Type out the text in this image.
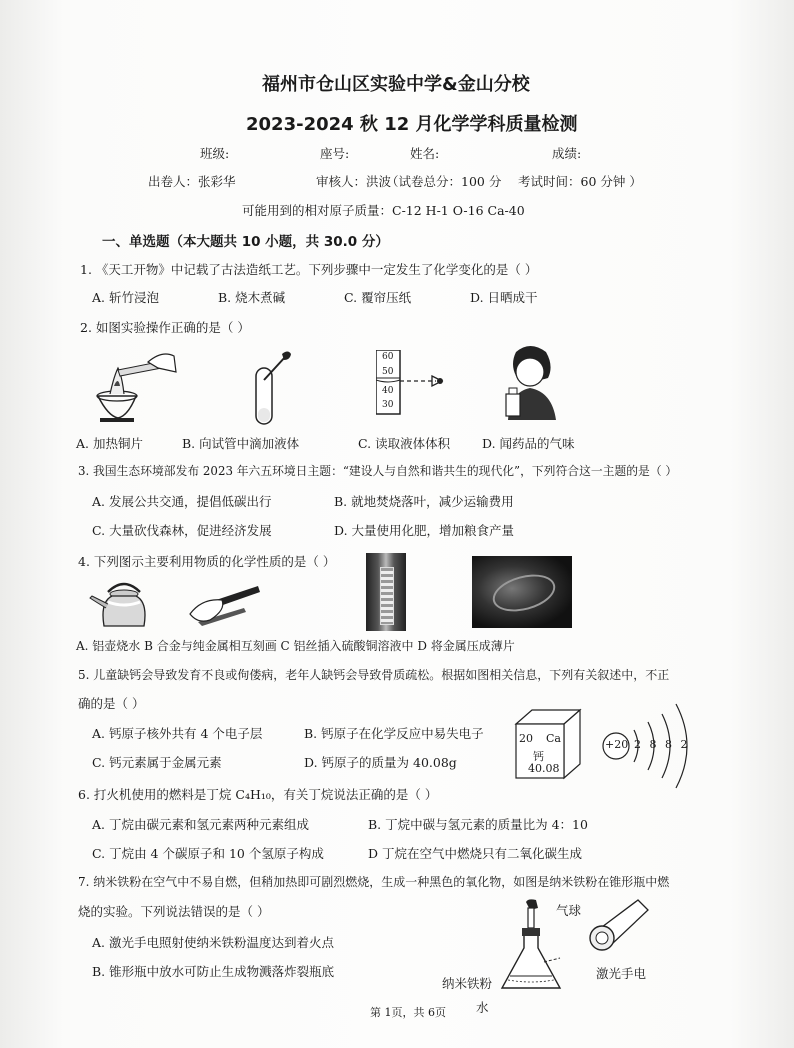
福州市仓山区实验中学&金山分校
2023-2024 秋 12 月化学学科质量检测
班级:	座号:	姓名:	成绩:
出卷人：张彩华	审核人：洪波
（试卷总分：100 分 考试时间：60 分钟 ）
可能用到的相对原子质量：C-12 H-1 O-16 Ca-40
一、单选题（本大题共 10 小题，共 30.0 分）
1. 《天工开物》中记载了古法造纸工艺。下列步骤中一定发生了化学变化的是（ ）
A. 斩竹浸泡	B. 烧木煮碱	C. 覆帘压纸	D. 日晒成干
2. 如图实验操作正确的是（ ）
60
50
40
30
A. 加热铜片	B. 向试管中滴加液体	C. 读取液体体积	D. 闻药品的气味
3. 我国生态环境部发布 2023 年六五环境日主题：“建设人与自然和谐共生的现代化”，下列符合这一主题的是（ ）
A. 发展公共交通，提倡低碳出行	B. 就地焚烧落叶，减少运输费用
C. 大量砍伐森林，促进经济发展	D. 大量使用化肥，增加粮食产量
4. 下列图示主要利用物质的化学性质的是（ ）
A. 铝壶烧水 B 合金与纯金属相互刻画 C 铝丝插入硫酸铜溶液中 D 将金属压成薄片
5. 儿童缺钙会导致发育不良或佝偻病，老年人缺钙会导致骨质疏松。根据如图相关信息，下列有关叙述中，不正
确的是（ ）
A. 钙原子核外共有 4 个电子层	B. 钙原子在化学反应中易失电子
C. 钙元素属于金属元素	D. 钙原子的质量为 40.08g
20 Ca
钙
40.08
+20 2 8 8 2
6. 打火机使用的燃料是丁烷 C₄H₁₀，有关丁烷说法正确的是（ ）
A. 丁烷由碳元素和氢元素两种元素组成	B. 丁烷中碳与氢元素的质量比为 4：10
C. 丁烷由 4 个碳原子和 10 个氢原子构成	D 丁烷在空气中燃烧只有二氧化碳生成
7. 纳米铁粉在空气中不易自燃，但稍加热即可剧烈燃烧，生成一种黑色的氧化物，如图是纳米铁粉在锥形瓶中燃
烧的实验。下列说法错误的是（ ）
A. 激光手电照射使纳米铁粉温度达到着火点
B. 锥形瓶中放水可防止生成物溅落炸裂瓶底
气球
激光手电
纳米铁粉
水
第 1页，共 6页
